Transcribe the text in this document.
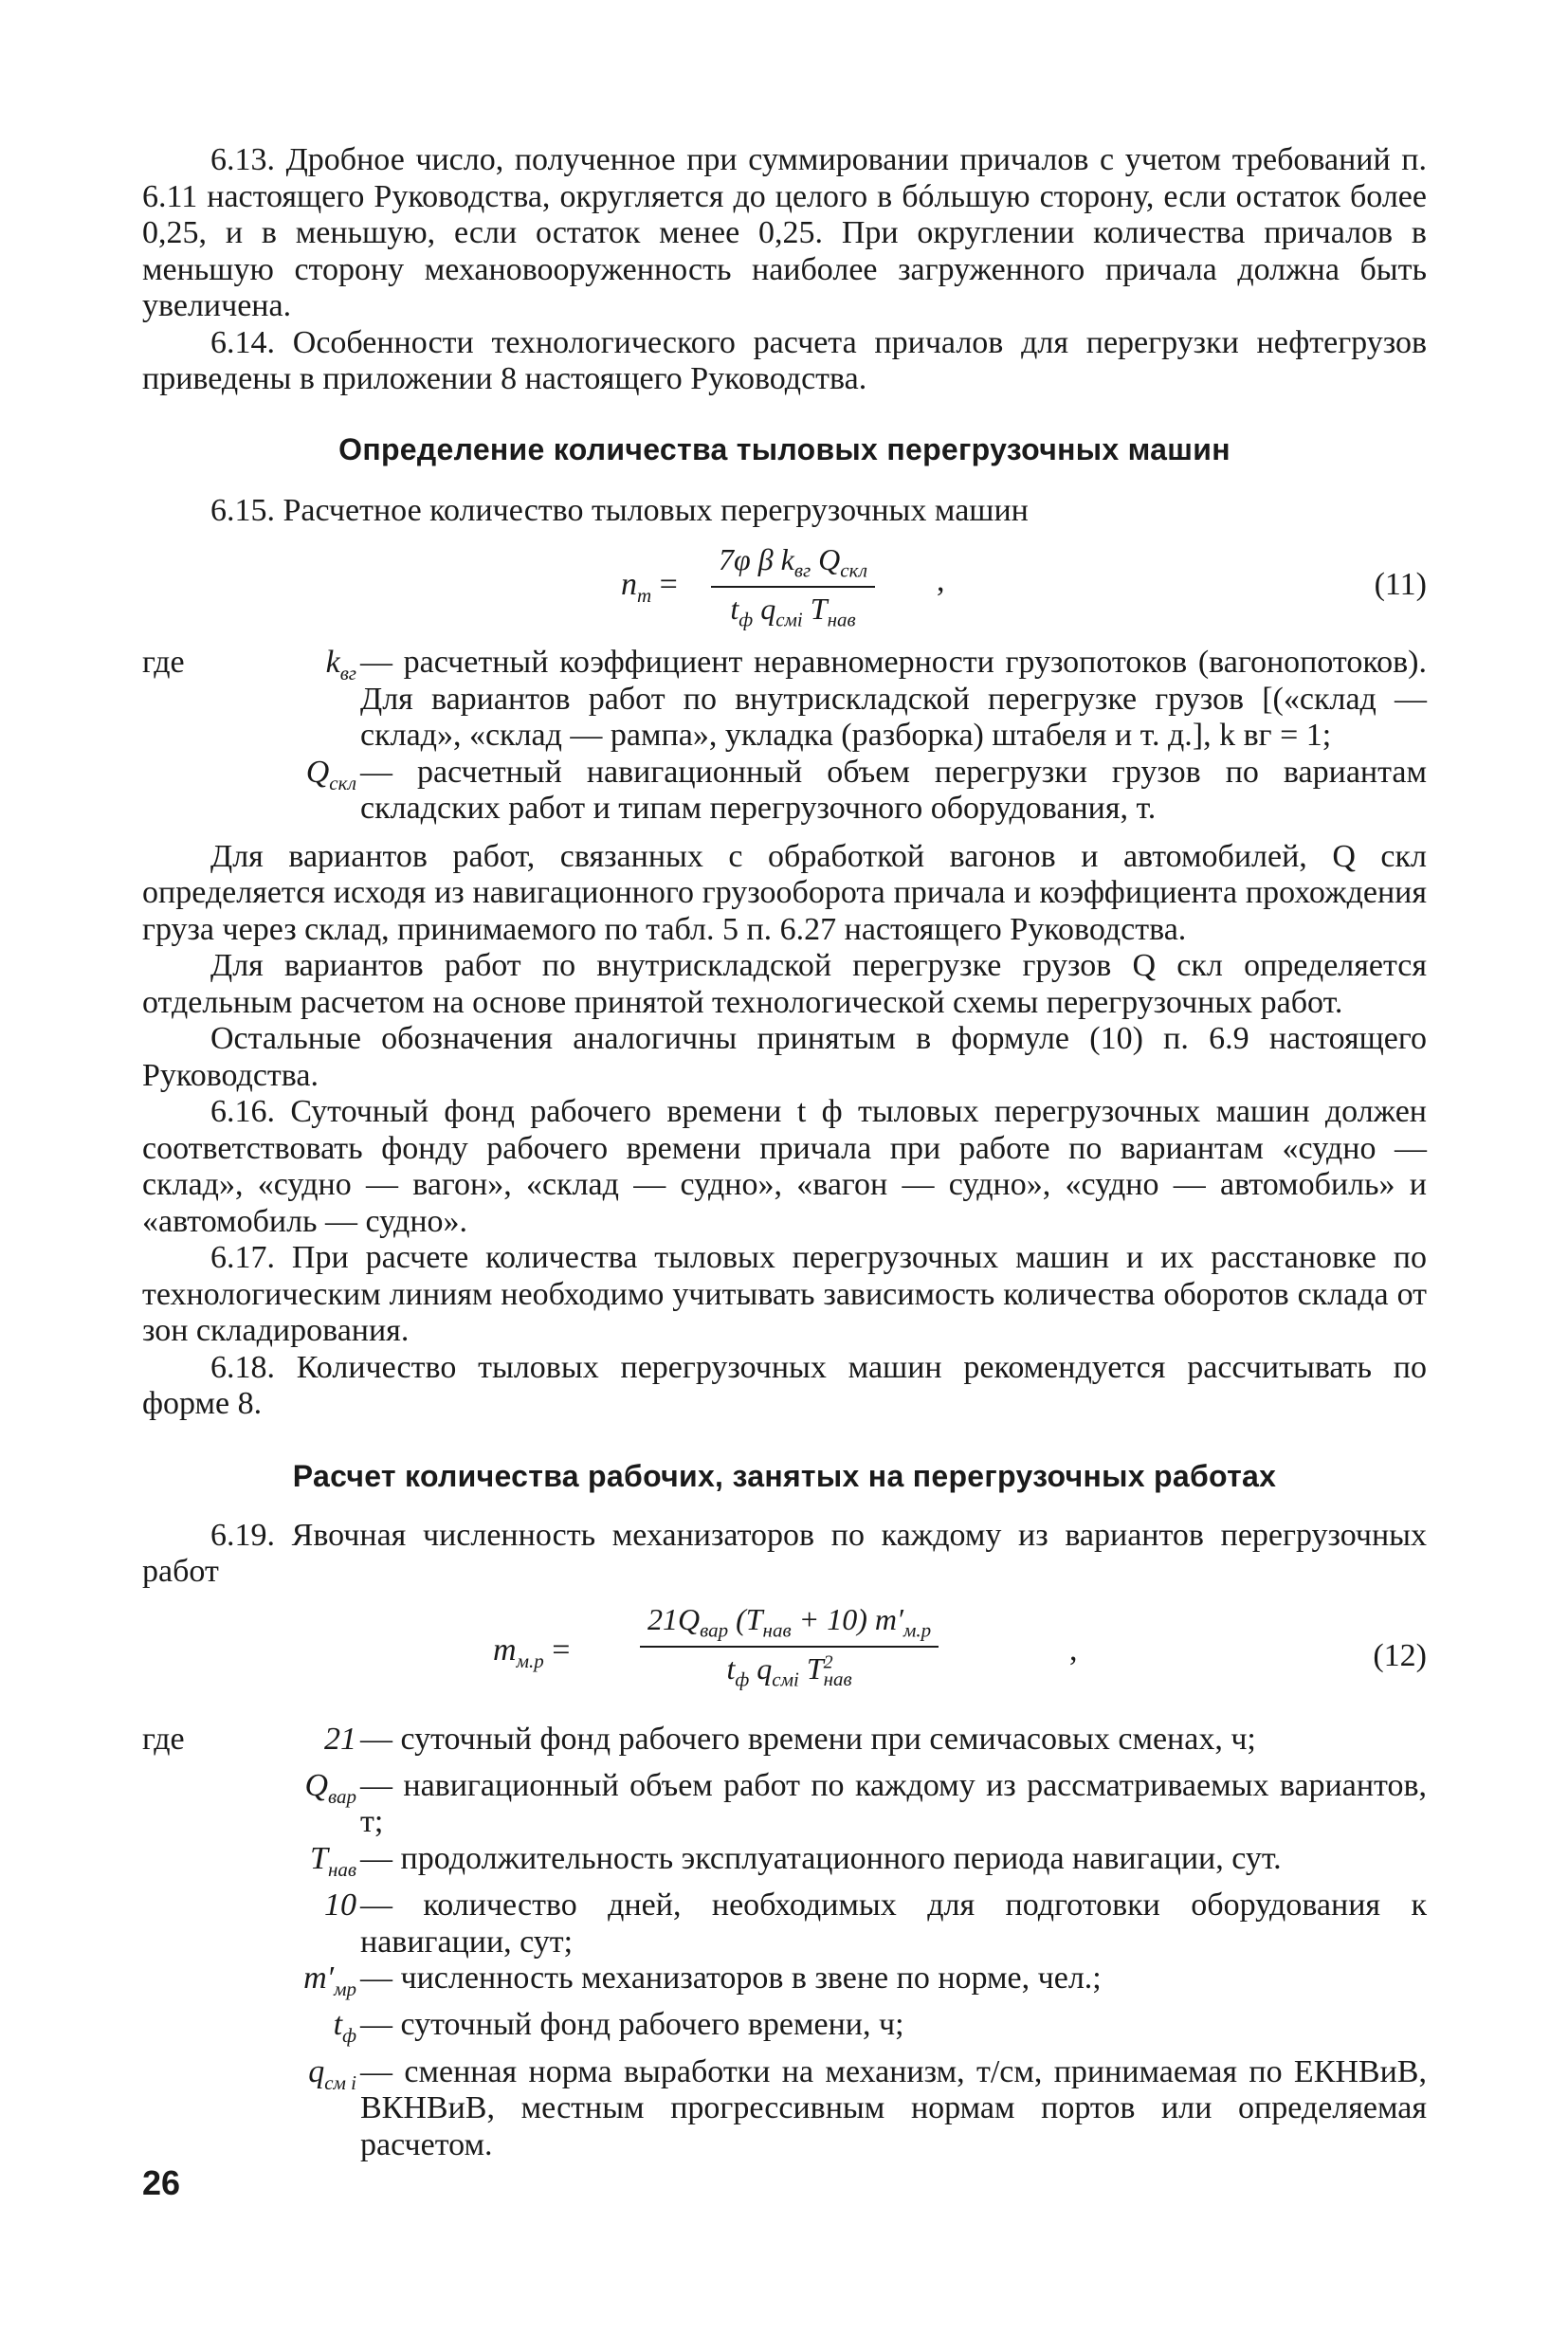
6.13. Дробное число, полученное при суммировании причалов с учетом требований п. 6.11 настоящего Руководства, округляется до целого в бóльшую сторону, если остаток более 0,25, и в меньшую, если остаток менее 0,25. При округлении количества причалов в меньшую сторону механовооруженность наиболее загруженного причала должна быть увеличена.

6.14. Особенности технологического расчета причалов для перегрузки нефтегрузов приведены в приложении 8 настоящего Руководства.

Определение количества тыловых перегрузочных машин

6.15. Расчетное количество тыловых перегрузочных машин

$n_т$ =
7φ β $k_{вг}$ $Q_{скл}$
$t_ф$ $q_{смi}$ $T_{нав}$
,	(11)
где	$k_{вг}$ — расчетный коэффициент неравномерности грузопотоков (вагонопотоков). Для вариантов работ по внутрискладской перегрузке грузов [(«склад — склад», «склад — рампа», укладка (разборка) штабеля и т. д.], k вг = 1;
$Q_{скл}$ — расчетный навигационный объем перегрузки грузов по вариантам складских работ и типам перегрузочного оборудования, т.

Для вариантов работ, связанных с обработкой вагонов и автомобилей, Q скл определяется исходя из навигационного грузооборота причала и коэффициента прохождения груза через склад, принимаемого по табл. 5 п. 6.27 настоящего Руководства.

Для вариантов работ по внутрискладской перегрузке грузов Q скл определяется отдельным расчетом на основе принятой технологической схемы перегрузочных работ.

Остальные обозначения аналогичны принятым в формуле (10) п. 6.9 настоящего Руководства.

6.16. Суточный фонд рабочего времени t ф тыловых перегрузочных машин должен соответствовать фонду рабочего времени причала при работе по вариантам «судно — склад», «судно — вагон», «склад — судно», «вагон — судно», «судно — автомобиль» и «автомобиль — судно».

6.17. При расчете количества тыловых перегрузочных машин и их расстановке по технологическим линиям необходимо учитывать зависимость количества оборотов склада от зон складирования.

6.18. Количество тыловых перегрузочных машин рекомендуется рассчитывать по форме 8.

Расчет количества рабочих, занятых на перегрузочных работах

6.19. Явочная численность механизаторов по каждому из вариантов перегрузочных работ

$m_{м.р}$ =
$21Q_{вар}$ $(T_{нав} + 10)$ $m'_{м.р}$
$t_ф$ $q_{смi}$ $T^2_{нав}$
,	(12)
где	21 — суточный фонд рабочего времени при семичасовых сменах, ч;
$Q_{вар}$ — навигационный объем работ по каждому из рассматриваемых вариантов, т;
$T_{нав}$ — продолжительность эксплуатационного периода навигации, сут.
10 — количество дней, необходимых для подготовки оборудования к навигации, сут;
$m'_{мр}$ — численность механизаторов в звене по норме, чел.;
$t_ф$ — суточный фонд рабочего времени, ч;
$q_{см i}$ — сменная норма выработки на механизм, т/см, принимаемая по ЕКНВиВ, ВКНВиВ, местным прогрессивным нормам портов или определяемая расчетом.
26
